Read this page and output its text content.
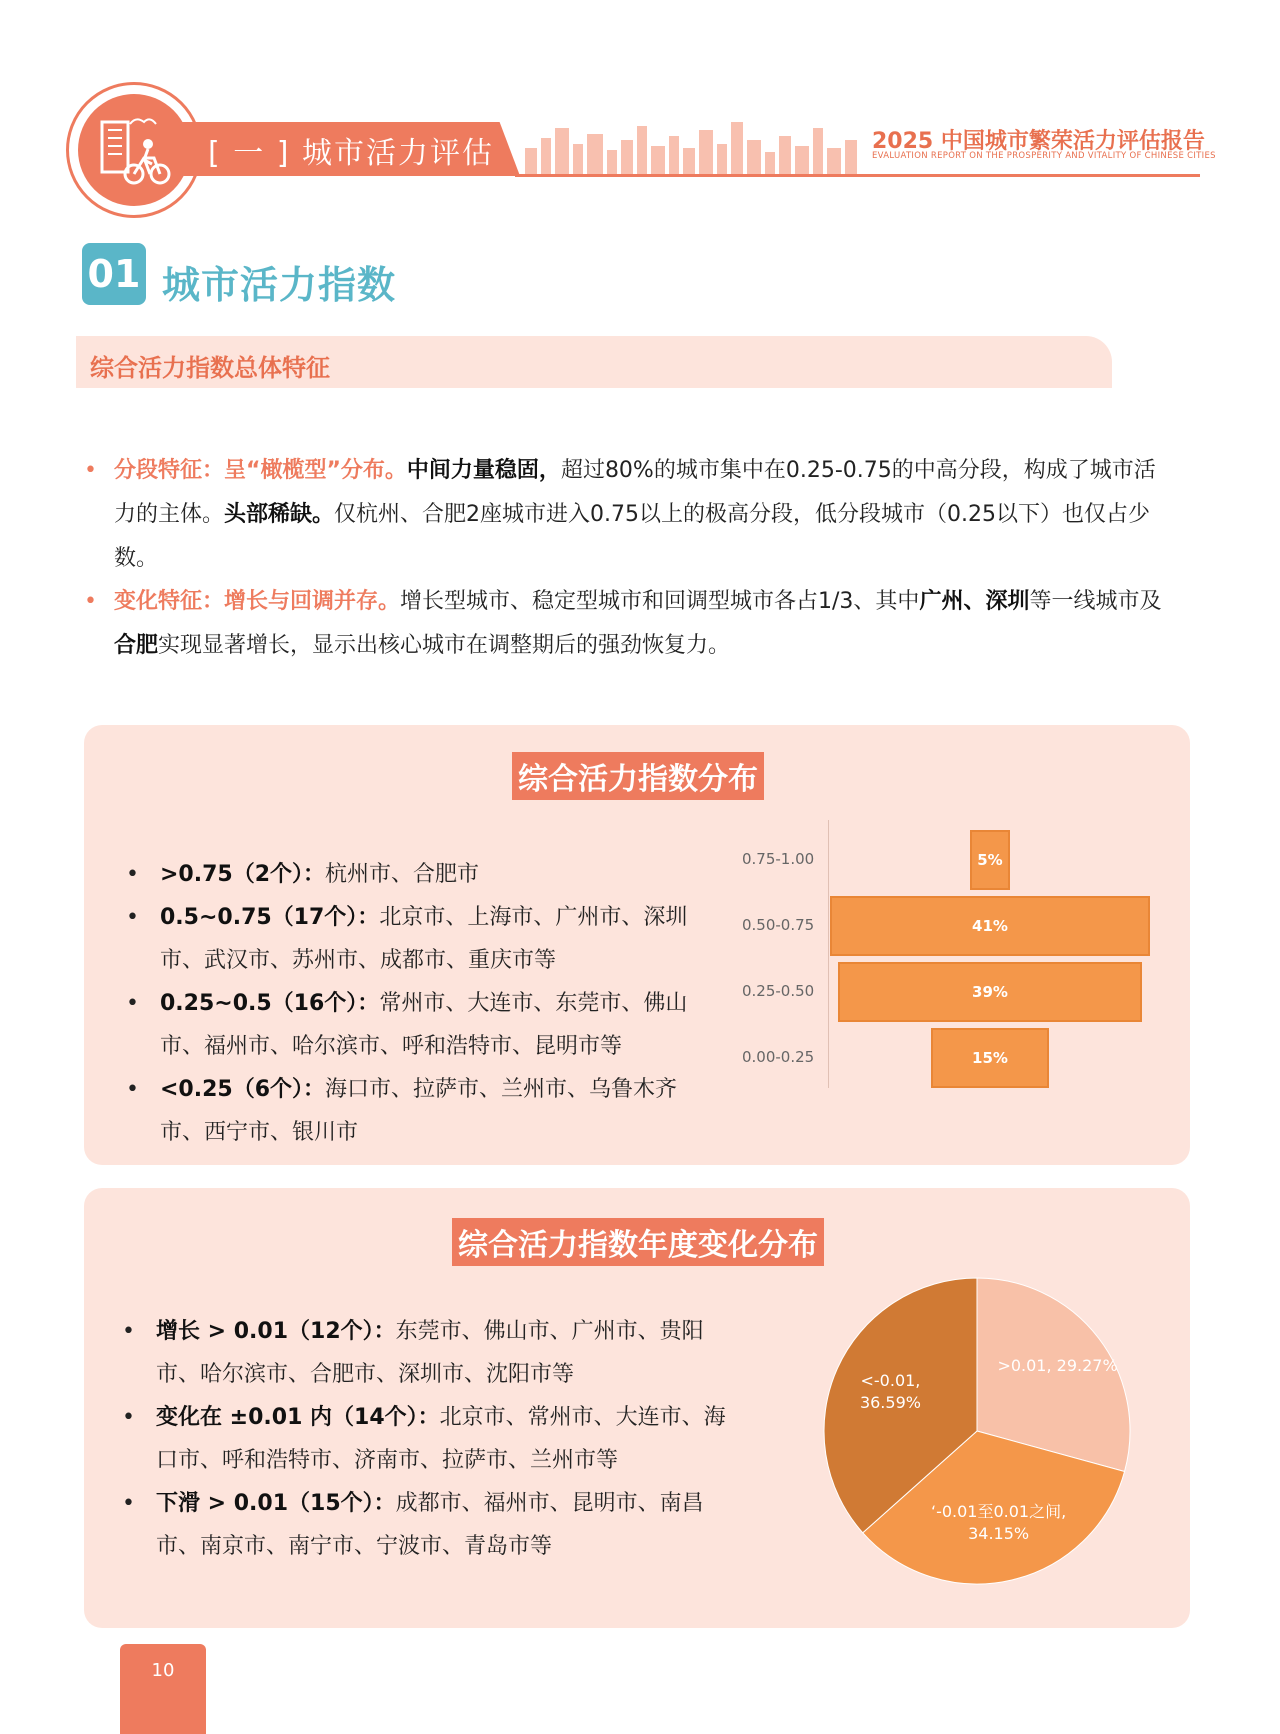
[ 一 ] 城市活力评估	2025 中国城市繁荣活力评估报告
EVALUATION REPORT ON THE PROSPERITY AND VITALITY OF CHINESE CITIES
01 城市活力指数
综合活力指数总体特征
• 分段特征：呈“橄榄型”分布。中间力量稳固，超过80%的城市集中在0.25-0.75的中高分段，构成了城市活力的主体。头部稀缺。仅杭州、合肥2座城市进入0.75以上的极高分段，低分段城市（0.25以下）也仅占少数。
• 变化特征：增长与回调并存。增长型城市、稳定型城市和回调型城市各占1/3、其中广州、深圳等一线城市及合肥实现显著增长，显示出核心城市在调整期后的强劲恢复力。
综合活力指数分布
• >0.75（2个）：杭州市、合肥市
• 0.5~0.75（17个）：北京市、上海市、广州市、深圳市、武汉市、苏州市、成都市、重庆市等
• 0.25~0.5（16个）：常州市、大连市、东莞市、佛山市、福州市、哈尔滨市、呼和浩特市、昆明市等
• <0.25（6个）：海口市、拉萨市、兰州市、乌鲁木齐市、西宁市、银川市
0.75-1.00	5%
0.50-0.75	41%
0.25-0.50	39%
0.00-0.25	15%
综合活力指数年度变化分布
• 增长 > 0.01（12个）：东莞市、佛山市、广州市、贵阳市、哈尔滨市、合肥市、深圳市、沈阳市等
• 变化在 ±0.01 内（14个）：北京市、常州市、大连市、海口市、呼和浩特市、济南市、拉萨市、兰州市等
• 下滑 > 0.01（15个）：成都市、福州市、昆明市、南昌市、南京市、南宁市、宁波市、青岛市等
>0.01, 29.27%
‘-0.01至0.01之间,
34.15%
<-0.01,
36.59%
10
